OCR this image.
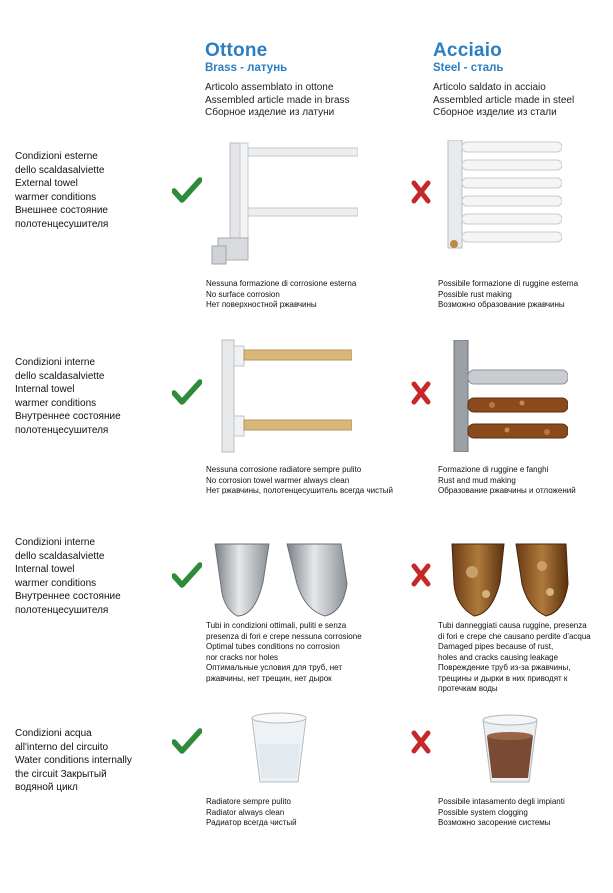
Ottone
Brass - латунь
Articolo assemblato in ottone
Assembled article made in brass
Сборное изделие из латуни
Acciaio
Steel - сталь
Articolo saldato in acciaio
Assembled article made in steel
Сборное изделие из стали
Condizioni esterne
dello scaldasalviette
External towel
warmer conditions
Внешнее состояние
полотенцесушителя
Nessuna formazione di corrosione esterna
No surface corrosion
Нет поверхностной ржавчины
Possibile formazione di ruggine esterna
Possible rust making
Возможно образование ржавчины
Condizioni interne
dello scaldasalviette
Internal towel
warmer conditions
Внутреннее состояние
полотенцесушителя
Nessuna corrosione radiatore sempre pulito
No corrosion towel warmer always clean
Нет ржавчины, полотенцесушитель всегда чистый
Formazione di ruggine e fanghi
Rust and mud making
Образование ржавчины и отложений
Condizioni interne
dello scaldasalviette
Internal towel
warmer conditions
Внутреннее состояние
полотенцесушителя
Tubi in condizioni ottimali, puliti e senza
presenza di fori e crepe nessuna corrosione
Optimal tubes conditions no corrosion
nor cracks nor holes
Оптимальные условия для труб, нет
ржавчины, нет трещин, нет дырок
Tubi danneggiati causa ruggine, presenza
di fori e crepe che causano perdite d'acqua
Damaged pipes because of rust,
holes and cracks causing leakage
Повреждение труб из-за ржавчины,
трещины и дырки в них приводят к
протечкам воды
Condizioni acqua
all'interno del circuito
Water conditions internally
the circuit Закрытый
водяной цикл
Radiatore sempre pulito
Radiator always clean
Радиатор всегда чистый
Possibile intasamento degli impianti
Possible system clogging
Возможно засорение системы
